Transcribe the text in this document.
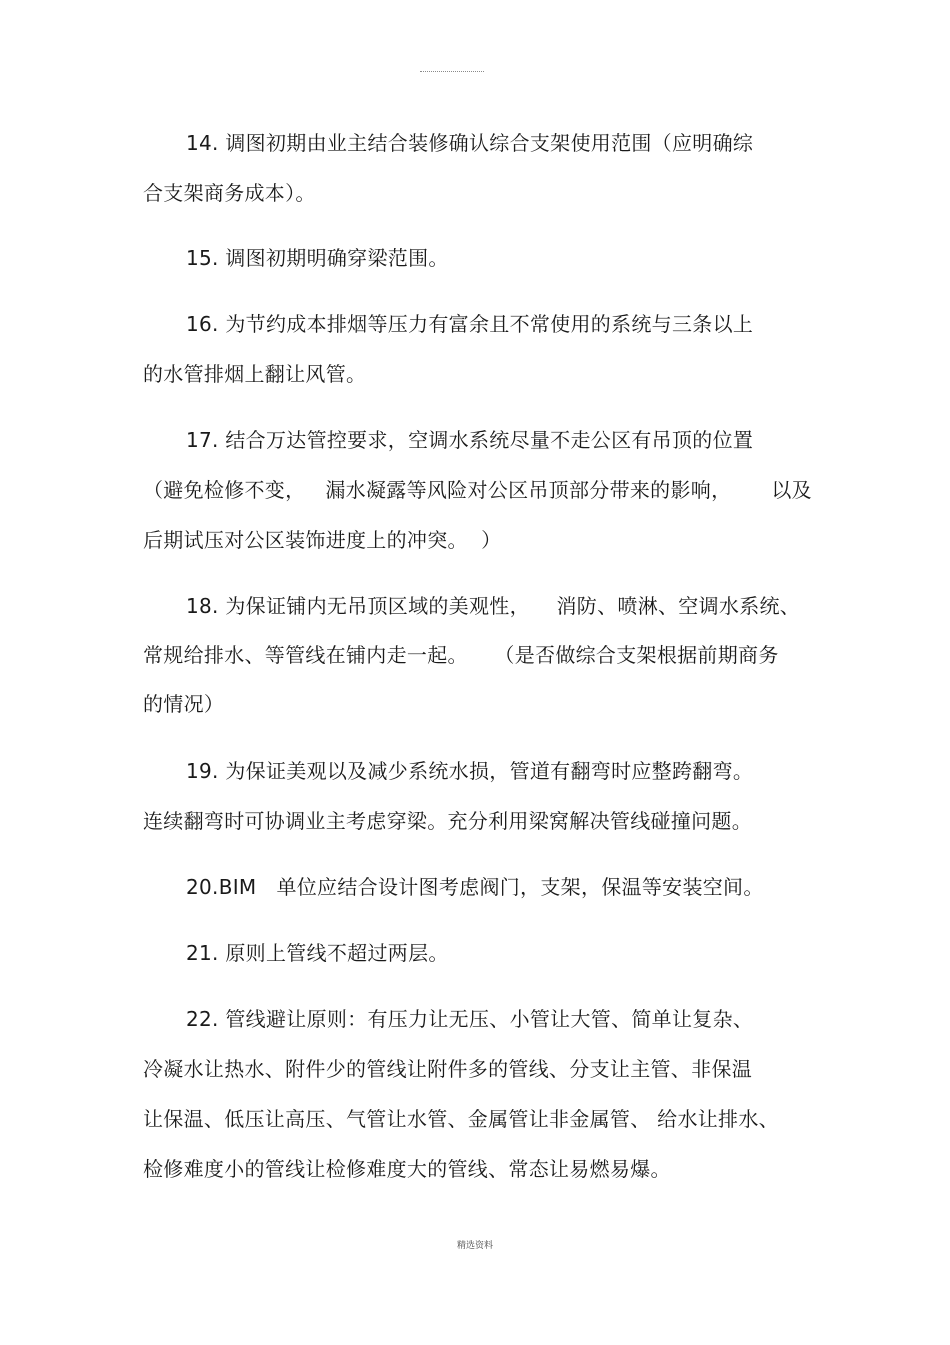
14. 调图初期由业主结合装修确认综合支架使用范围（应明确综
合支架商务成本）。
15. 调图初期明确穿梁范围。
16. 为节约成本排烟等压力有富余且不常使用的系统与三条以上
的水管排烟上翻让风管。
17. 结合万达管控要求，空调水系统尽量不走公区有吊顶的位置
（避免检修不变，   漏水凝露等风险对公区吊顶部分带来的影响，      以及
后期试压对公区装饰进度上的冲突。  ）
18. 为保证铺内无吊顶区域的美观性，    消防、喷淋、空调水系统、
常规给排水、等管线在铺内走一起。    （是否做综合支架根据前期商务
的情况）
19. 为保证美观以及减少系统水损，管道有翻弯时应整跨翻弯。
连续翻弯时可协调业主考虑穿梁。充分利用梁窝解决管线碰撞问题。
20.BIM   单位应结合设计图考虑阀门，支架，保温等安装空间。
21. 原则上管线不超过两层。
22. 管线避让原则：有压力让无压、小管让大管、简单让复杂、
冷凝水让热水、附件少的管线让附件多的管线、分支让主管、非保温
让保温、低压让高压、气管让水管、金属管让非金属管、 给水让排水、
检修难度小的管线让检修难度大的管线、常态让易燃易爆。
精选资料
